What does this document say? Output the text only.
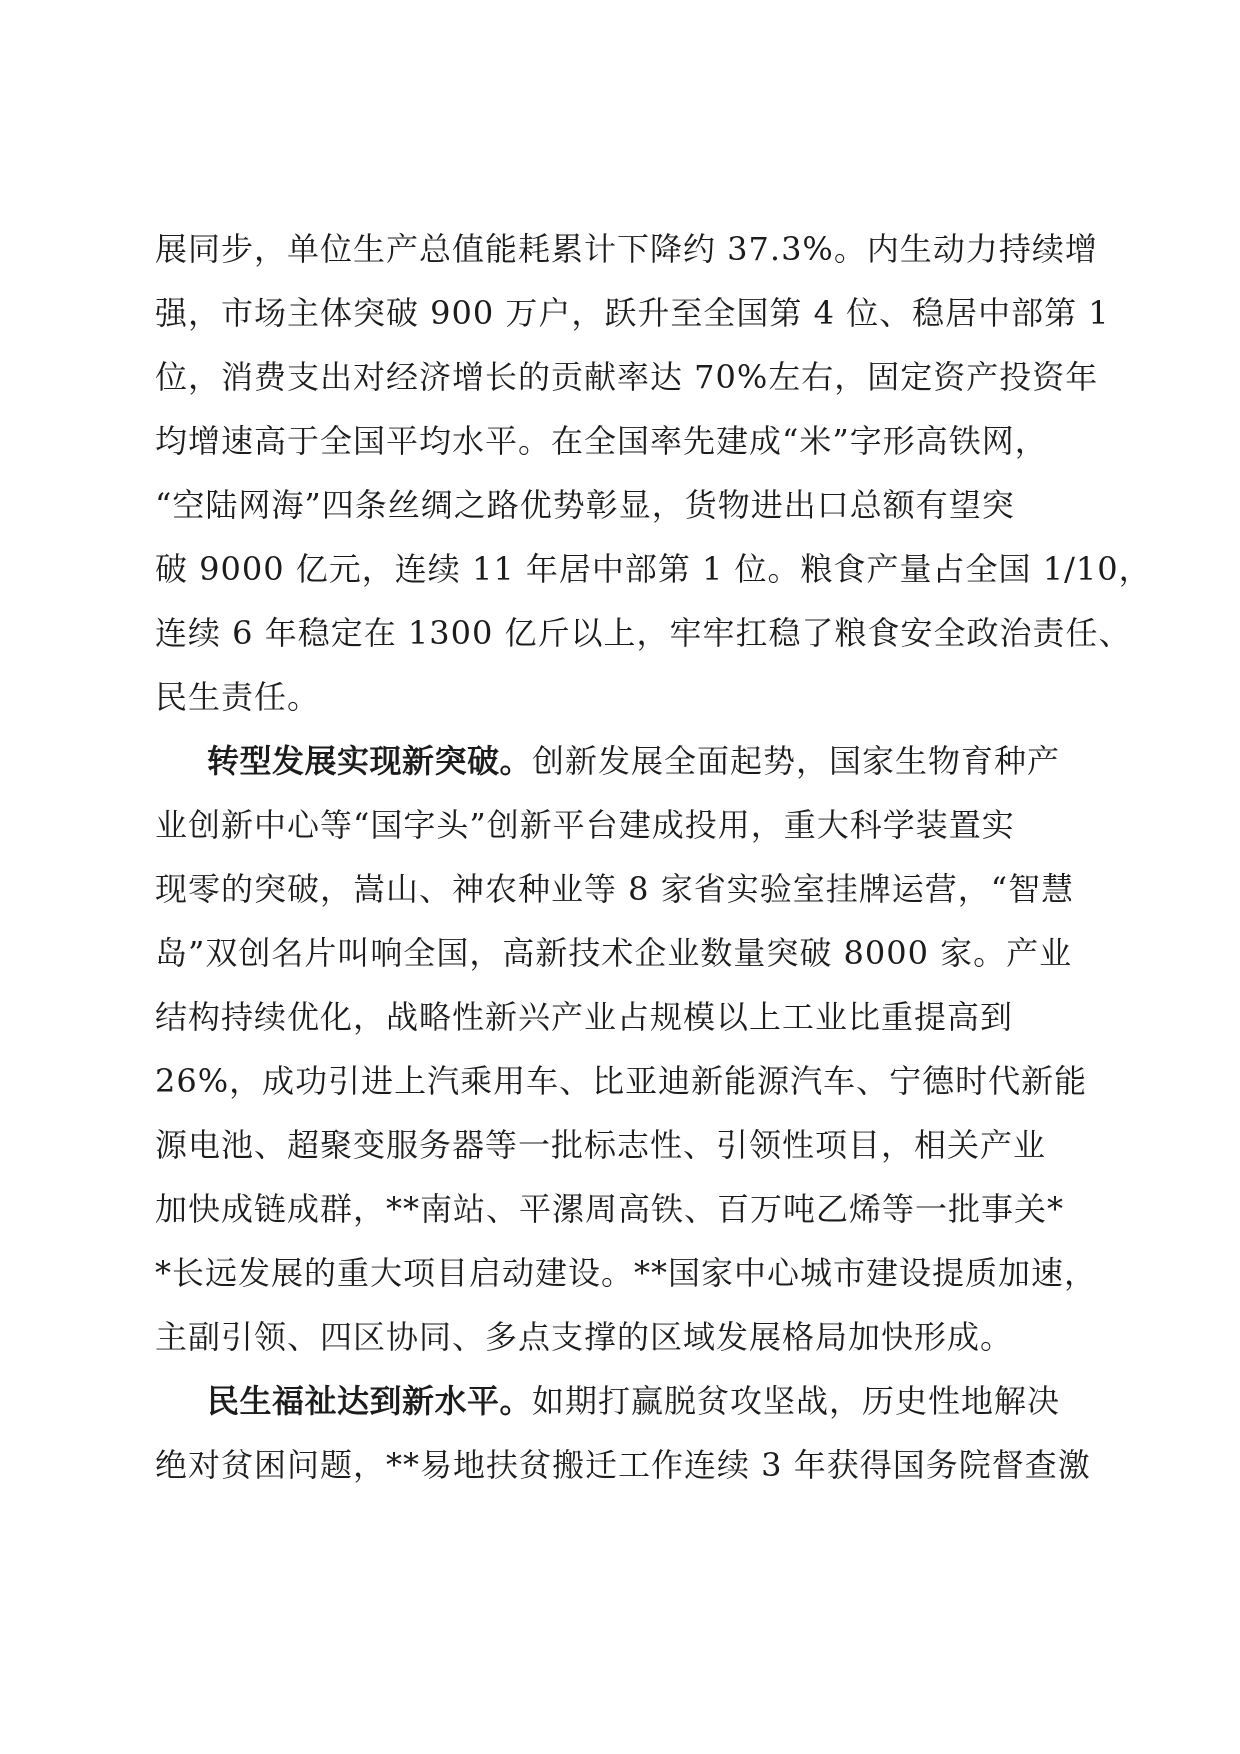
展同步，单位生产总值能耗累计下降约 37.3%。内生动力持续增
强，市场主体突破 900 万户，跃升至全国第 4 位、稳居中部第 1
位，消费支出对经济增长的贡献率达 70%左右，固定资产投资年
均增速高于全国平均水平。在全国率先建成“米”字形高铁网，
“空陆网海”四条丝绸之路优势彰显，货物进出口总额有望突
破 9000 亿元，连续 11 年居中部第 1 位。粮食产量占全国 1/10，
连续 6 年稳定在 1300 亿斤以上，牢牢扛稳了粮食安全政治责任、
民生责任。
转型发展实现新突破。创新发展全面起势，国家生物育种产
业创新中心等“国字头”创新平台建成投用，重大科学装置实
现零的突破，嵩山、神农种业等 8 家省实验室挂牌运营，“智慧
岛”双创名片叫响全国，高新技术企业数量突破 8000 家。产业
结构持续优化，战略性新兴产业占规模以上工业比重提高到
26%，成功引进上汽乘用车、比亚迪新能源汽车、宁德时代新能
源电池、超聚变服务器等一批标志性、引领性项目，相关产业
加快成链成群，**南站、平漯周高铁、百万吨乙烯等一批事关*
*长远发展的重大项目启动建设。**国家中心城市建设提质加速，
主副引领、四区协同、多点支撑的区域发展格局加快形成。
民生福祉达到新水平。如期打赢脱贫攻坚战，历史性地解决
绝对贫困问题，**易地扶贫搬迁工作连续 3 年获得国务院督查激
